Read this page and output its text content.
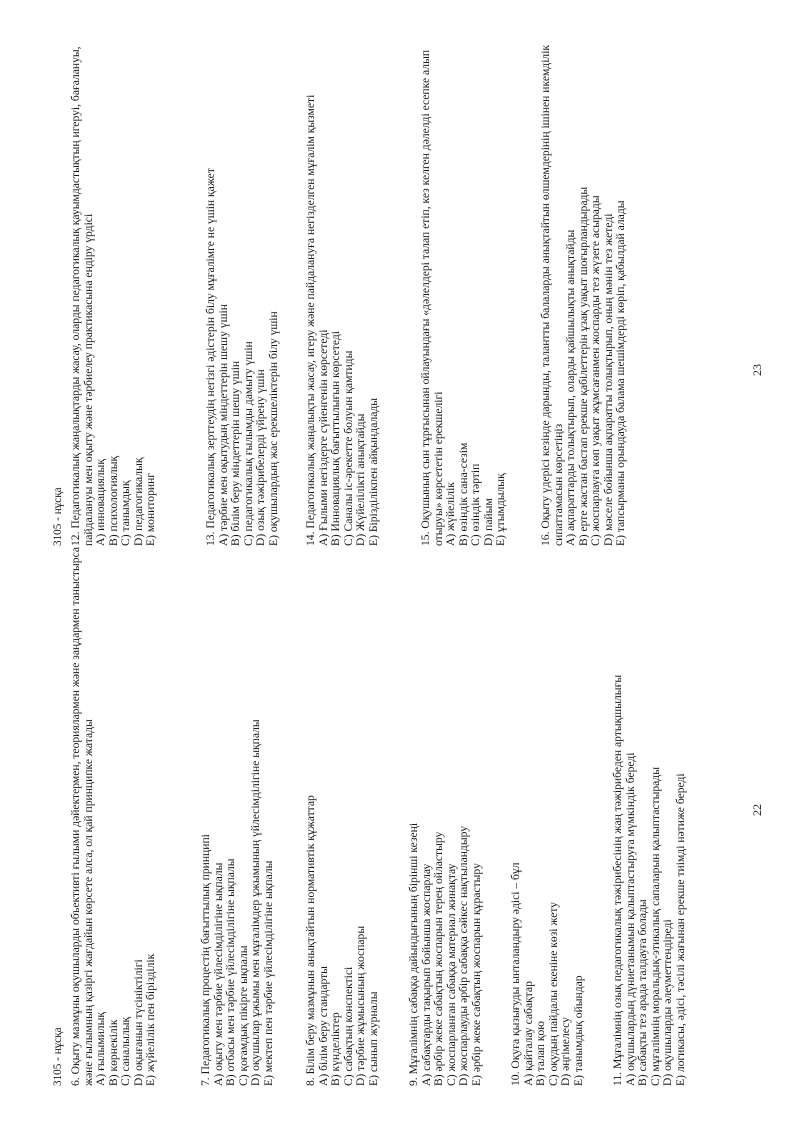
3105 - нұсқа 6. Оқыту мазмұны оқушыларды объективті ғылыми дәйектермен, теориялармен және заңдармен таныстырса және ғылымның қазіргі жағдайын көрсете алса, ол қай принципке жатады A) ғылымилық B) көрнекілік C) саналылық D) оқығанын түсініктілігі E) жүйелілік пен бірізділік	7. Педагогикалық процестің бағыттылық принципі A) оқыту мен тәрбие үйлесімділігіне ықпалы B) отбасы мен тәрбие үйлесімділігіне ықпалы C) қоғамдық пікірге ықпалы D) оқушылар ұжымы мен мұғалімдер ұжымының үйлесімділігіне ықпалы E) мектеп пен тәрбие үйлесімділігіне ықпалы	8. Білім беру мазмұнын анықтайтын нормативтік құжаттар A) білім беру стандарты B) күнделіктер C) сабақтың конспектісі D) тәрбие жұмысының жоспары E) сынып журналы 9. Мұғалімнің сабаққа дайындығының бірінші кезеңі A) сабақтарды тақырып бойынша жоспарлау B) әрбір жеке сабақтың жоспарын терең ойластыру C) жоспарланған сабаққа материал жинақтау D) жоспарлауды әрбір сабаққа сәйкес нақтыландыру E) әрбір жеке сабақтың жоспарын құрастыру 10. Оқуға қызығуды ынталандыру әдісі – бұл A) қайталау сабақтар B) талап қою C) оқудың пайдалы екеніне көзі жету D) әңгімелесу E) танымдық ойындар 11. Мұғалімнің озық педагогикалық тәжірибесінің жаң тәжірибеден артықшылығы A) оқушылардың дүниетанымын қалыптастыруға мүмкіндік береді B) сабақты тез арада талдауға болады C) мұғалімнің моральдық-этикалық сапаларын қалыптастырады D) оқушыларды әлеуметтендіреді E) логикасы, әдісі, тәсілі жағынан ерекше тиімді нәтиже береді	22
3105 - нұсқа 12. Педагогикалық жаңалықтарды жасау, оларды педагогикалық қауымдастықтың игеруі, бағалануы, пайдалануы мен оқыту және тәрбиелеу практикасына ендіру үрдісі A) инновациялық B) психологиялық C) танымдық D) педагогикалық E) мониторинг	13. Педагогикалық зерттеудің негізгі әдістерін білу мұғалімге не үшін қажет A) тәрбие мен оқытудың міндеттерін шешу үшін B) білім беру міндеттерін шешу үшін C) педагогикалық ғылымды дамыту үшін D) озық тәжірибелерді үйрену үшін E) оқушылардың жас ерекшеліктерін білу үшін 14. Педагогикалық жаңалықты жасау, игеру және пайдалануға негізделген мұғалім қызметі A) Ғылыми негіздерге сүйенгенін көрсетеді B) Инновациялық бағыттылығын көрсетеді C) Саналы іс-әрекетте болуын қамтиды D) Жүйелілікті анықтайды E) Бірізділікпен айқындалады	15. Оқушының сын тұрғысынан ойлауындағы «дәлелдері талап етіп, кез келген дәлелді есепке алып отыруы» көрсететін ерекшелігі A) жүйелілік B) өзіндік сана-сезім C) өзіндік тәртіп D) пайым E) ұтымдылық	16. Оқыту үдерісі кезінде дарынды, талантты балаларды анықтайтын өлшемдерінің ішінен икемділік сипаттамасын көрсетіңіз A) ақпараттарды толықтырып, оларды қайшылықты анықтайды B) ерте жастан бастап ерекше қабілеттерін ұзақ уақыт шоғырландырады C) жоспарлауға көп уақыт жұмсағанмен жоспарды тез жүзеге асырады D) мәселе бойынша ақпаратты толықтырып, оның мәнін тез жетеді E) тапсырманы орындауда балама шешімдерді көріп, қабылдай алады	23
